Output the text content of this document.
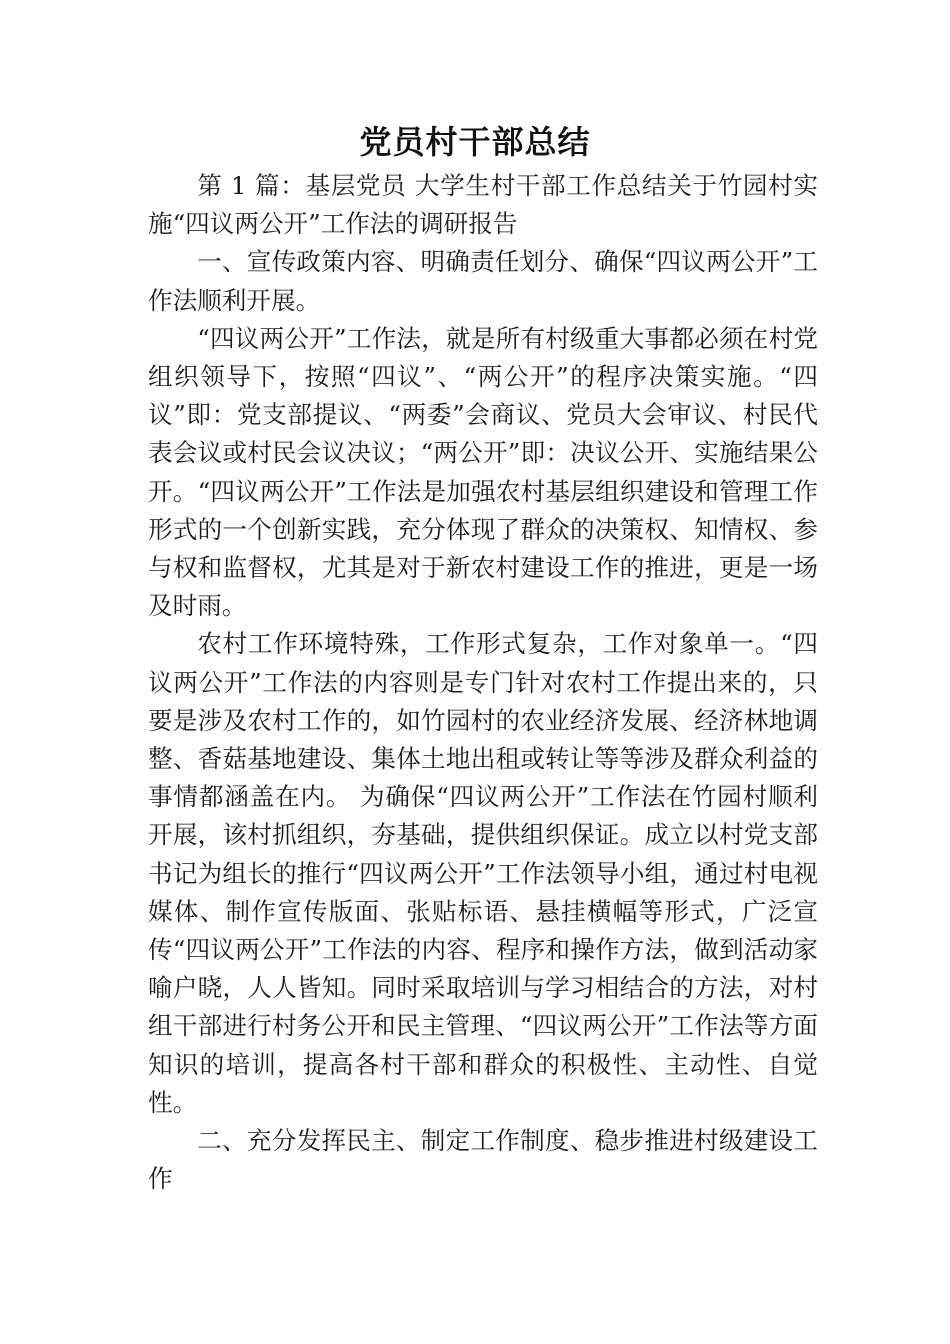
党员村干部总结

第 1 篇：基层党员 大学生村干部工作总结关于竹园村实施“四议两公开”工作法的调研报告

一、宣传政策内容、明确责任划分、确保“四议两公开”工作法顺利开展。

“四议两公开”工作法，就是所有村级重大事都必须在村党组织领导下，按照“四议”、“两公开”的程序决策实施。“四议”即：党支部提议、“两委”会商议、党员大会审议、村民代表会议或村民会议决议；“两公开”即：决议公开、实施结果公开。“四议两公开”工作法是加强农村基层组织建设和管理工作形式的一个创新实践，充分体现了群众的决策权、知情权、参与权和监督权，尤其是对于新农村建设工作的推进，更是一场及时雨。

农村工作环境特殊，工作形式复杂，工作对象单一。“四议两公开”工作法的内容则是专门针对农村工作提出来的，只要是涉及农村工作的，如竹园村的农业经济发展、经济林地调整、香菇基地建设、集体土地出租或转让等等涉及群众利益的事情都涵盖在内。 为确保“四议两公开”工作法在竹园村顺利开展，该村抓组织，夯基础，提供组织保证。成立以村党支部书记为组长的推行“四议两公开”工作法领导小组，通过村电视媒体、制作宣传版面、张贴标语、悬挂横幅等形式，广泛宣传“四议两公开”工作法的内容、程序和操作方法，做到活动家喻户晓，人人皆知。同时采取培训与学习相结合的方法，对村组干部进行村务公开和民主管理、“四议两公开”工作法等方面知识的培训，提高各村干部和群众的积极性、主动性、自觉性。

二、充分发挥民主、制定工作制度、稳步推进村级建设工作
